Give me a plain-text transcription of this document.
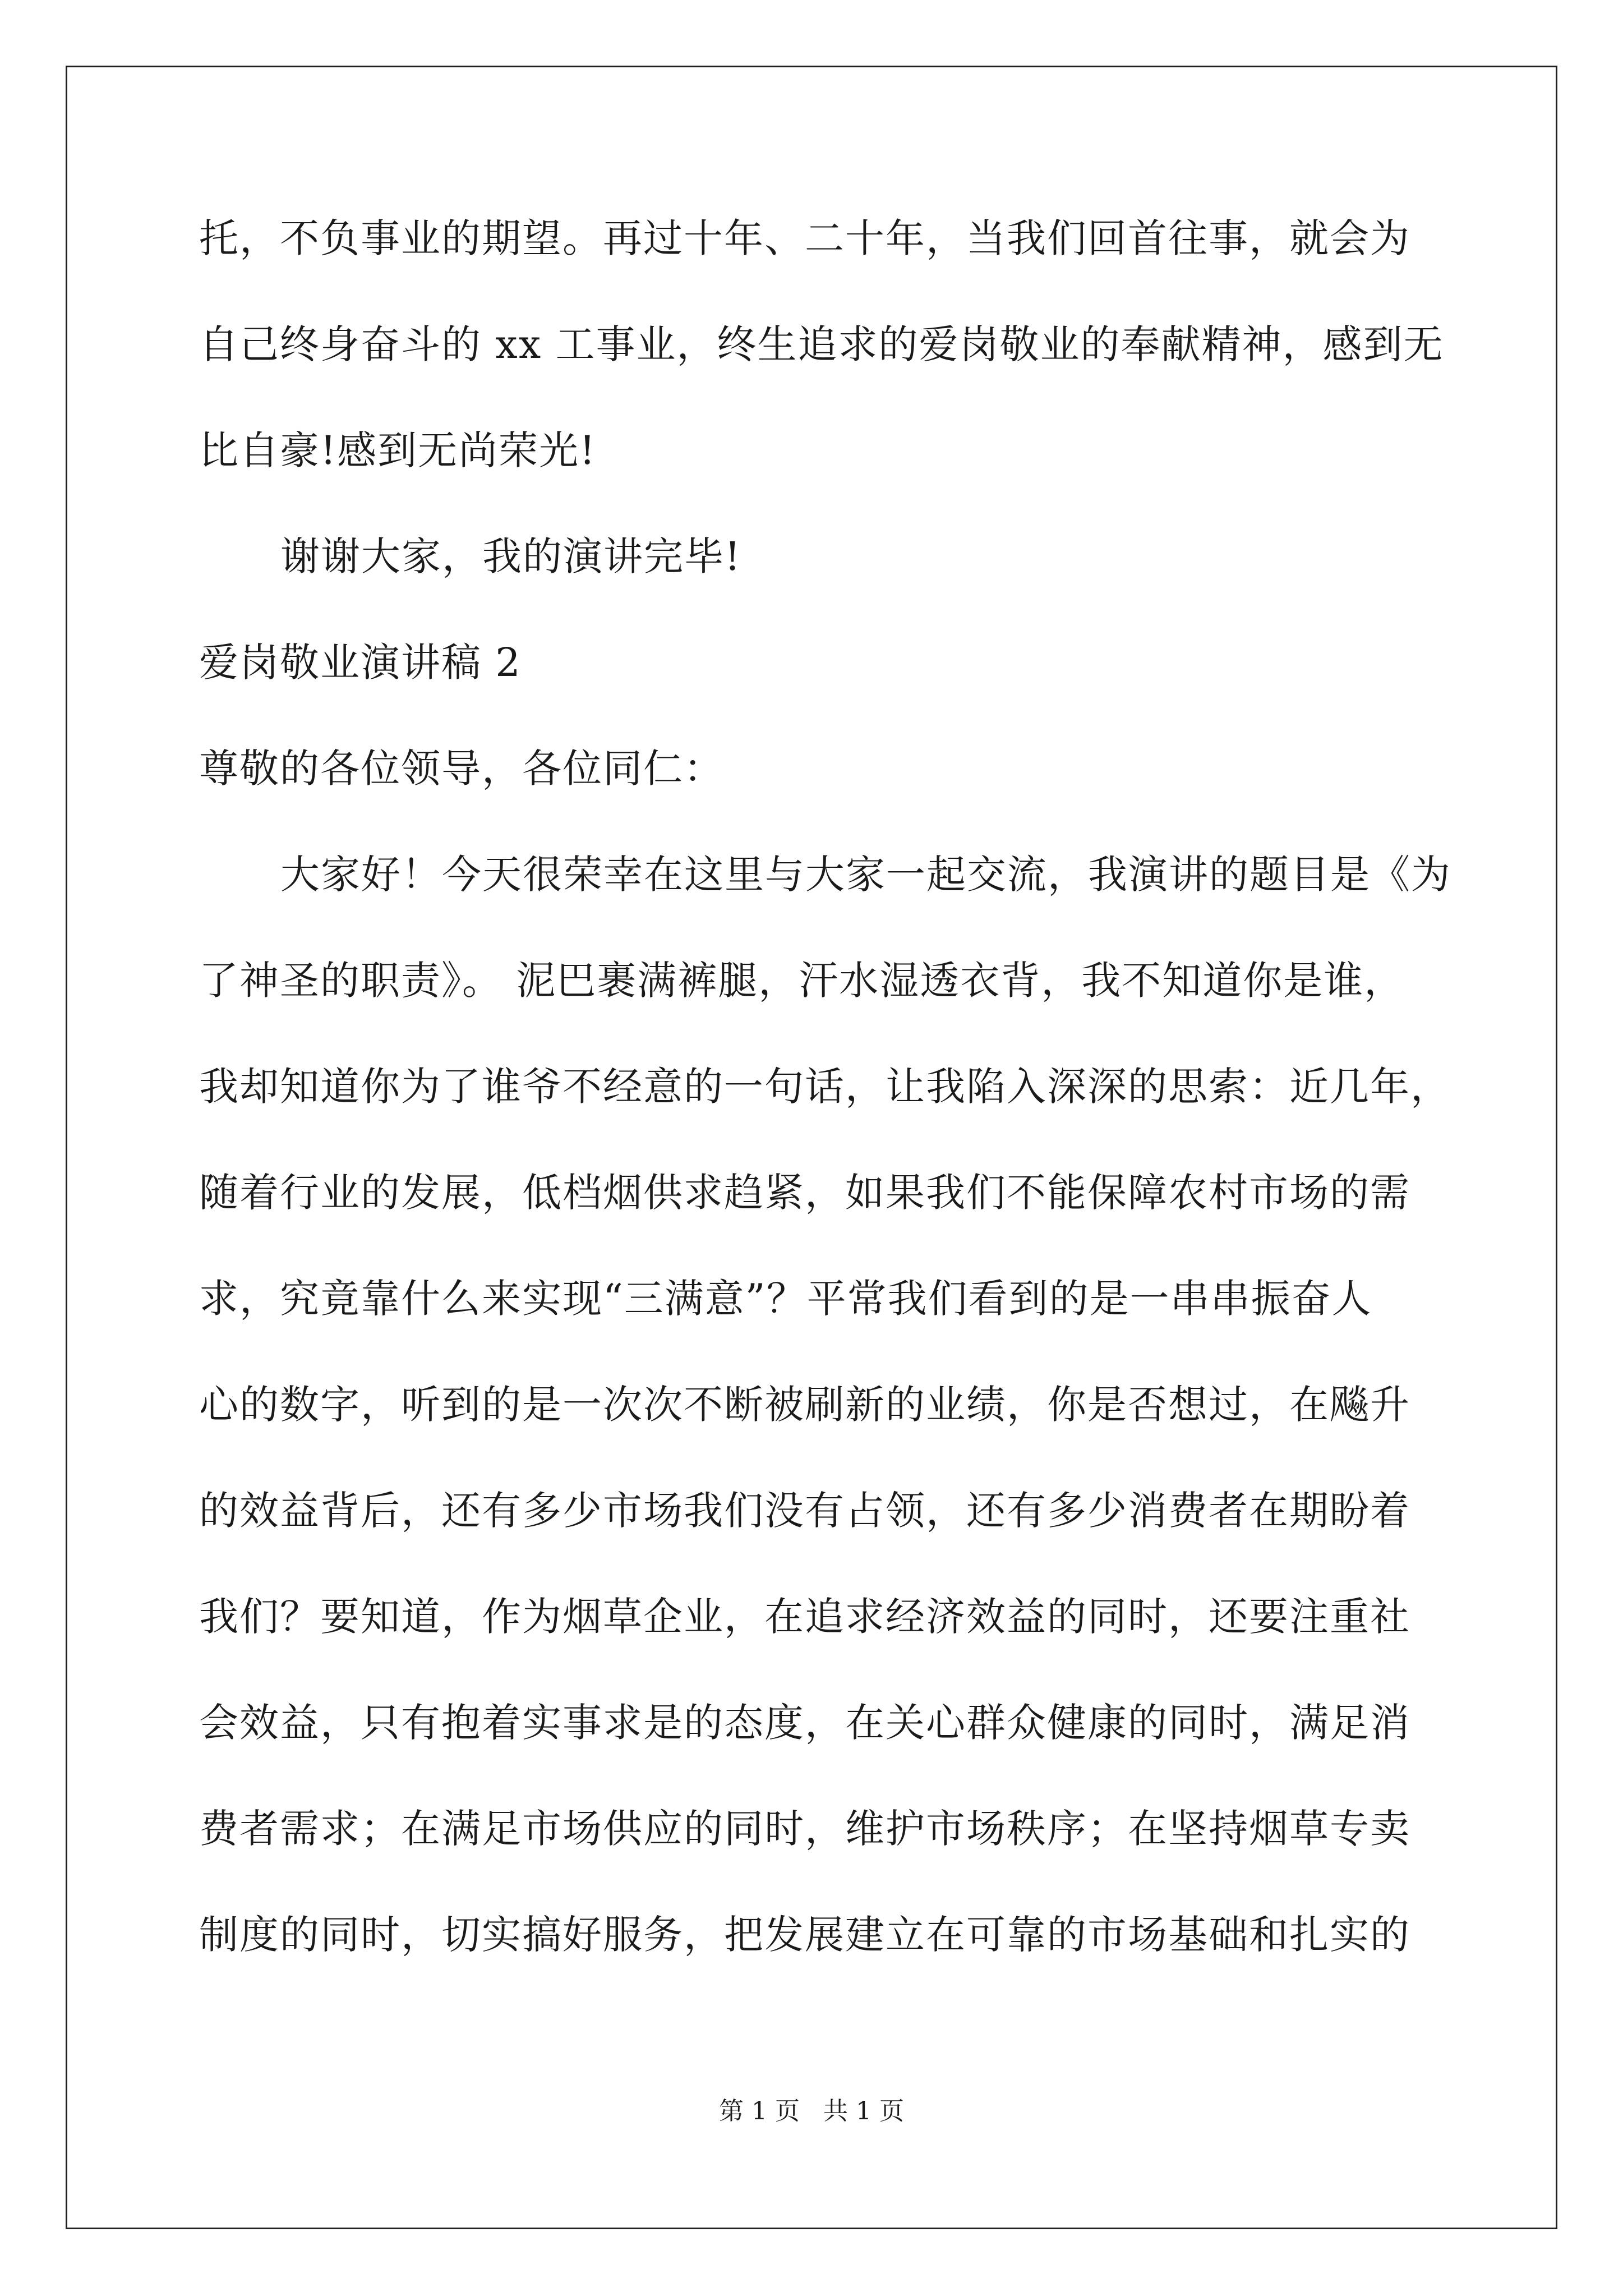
托，不负事业的期望。再过十年、二十年，当我们回首往事，就会为
自己终身奋斗的 xx 工事业，终生追求的爱岗敬业的奉献精神，感到无
比自豪!感到无尚荣光!
谢谢大家，我的演讲完毕!
爱岗敬业演讲稿 2
尊敬的各位领导，各位同仁：
大家好！今天很荣幸在这里与大家一起交流，我演讲的题目是《为
了神圣的职责》。 泥巴裹满裤腿，汗水湿透衣背，我不知道你是谁，
我却知道你为了谁爷不经意的一句话，让我陷入深深的思索：近几年，
随着行业的发展，低档烟供求趋紧，如果我们不能保障农村市场的需
求，究竟靠什么来实现“三满意”？平常我们看到的是一串串振奋人
心的数字，听到的是一次次不断被刷新的业绩，你是否想过，在飚升
的效益背后，还有多少市场我们没有占领，还有多少消费者在期盼着
我们？要知道，作为烟草企业，在追求经济效益的同时，还要注重社
会效益，只有抱着实事求是的态度，在关心群众健康的同时，满足消
费者需求；在满足市场供应的同时，维护市场秩序；在坚持烟草专卖
制度的同时，切实搞好服务，把发展建立在可靠的市场基础和扎实的
第 1 页   共 1 页
